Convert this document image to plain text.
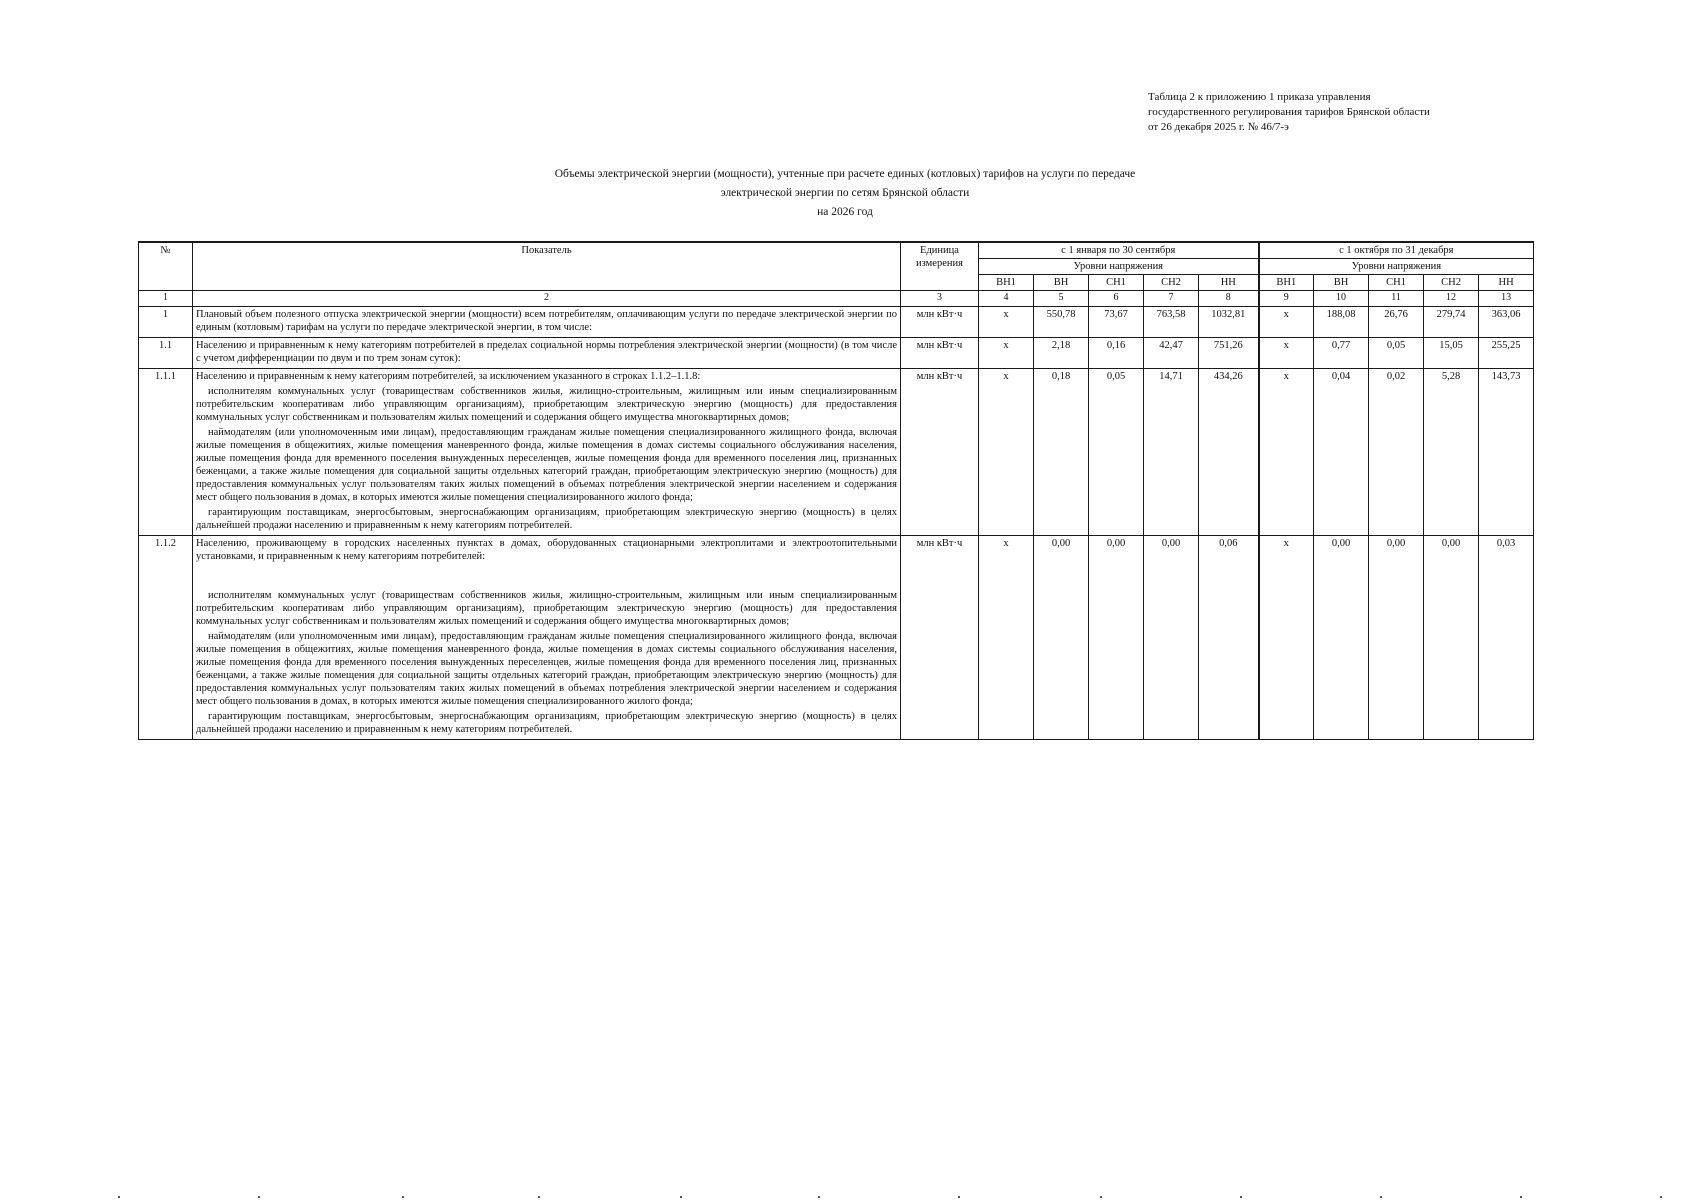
Таблица 2 к приложению 1 приказа управления
государственного регулирования тарифов Брянской области
от 26 декабря 2025 г. № 46/7-э
Объемы электрической энергии (мощности), учтенные при расчете единых (котловых) тарифов на услуги по передаче
электрической энергии по сетям Брянской области
на 2026 год
№	Показатель	Единица измерения	с 1 января по 30 сентября					с 1 октября по 31 декабря				
			Уровни напряжения					Уровни напряжения				
			ВН1	ВН	СН1	СН2	НН	ВН1	ВН	СН1	СН2	НН
1	2	3	4	5	6	7	8	9	10	11	12	13
1	Плановый объем полезного отпуска электрической энергии (мощности) всем потребителям, оплачивающим услуги по передаче электрической энергии по единым (котловым) тарифам на услуги по передаче электрической энергии, в том числе:	млн кВт·ч	x	550,78	73,67	763,58	1032,81	x	188,08	26,76	279,74	363,06
1.1	Населению и приравненным к нему категориям потребителей в пределах социальной нормы потребления электрической энергии (мощности) (в том числе с учетом дифференциации по двум и по трем зонам суток):	млн кВт·ч	x	2,18	0,16	42,47	751,26	x	0,77	0,05	15,05	255,25
1.1.1	Населению и приравненным к нему категориям потребителей, за исключением указанного в строках 1.1.2–1.1.8:

исполнителям коммунальных услуг (товариществам собственников жилья, жилищно-строительным, жилищным или иным специализированным потребительским кооперативам либо управляющим организациям), приобретающим электрическую энергию (мощность) для предоставления коммунальных услуг собственникам и пользователям жилых помещений и содержания общего имущества многоквартирных домов;

наймодателям (или уполномоченным ими лицам), предоставляющим гражданам жилые помещения специализированного жилищного фонда, включая жилые помещения в общежитиях, жилые помещения маневренного фонда, жилые помещения в домах системы социального обслуживания населения, жилые помещения фонда для временного поселения вынужденных переселенцев, жилые помещения фонда для временного поселения лиц, признанных беженцами, а также жилые помещения для социальной защиты отдельных категорий граждан, приобретающим электрическую энергию (мощность) для предоставления коммунальных услуг пользователям таких жилых помещений в объемах потребления электрической энергии населением и содержания мест общего пользования в домах, в которых имеются жилые помещения специализированного жилого фонда;

гарантирующим поставщикам, энергосбытовым, энергоснабжающим организациям, приобретающим электрическую энергию (мощность) в целях дальнейшей продажи населению и приравненным к нему категориям потребителей.	млн кВт·ч	x	0,18	0,05	14,71	434,26	x	0,04	0,02	5,28	143,73
1.1.2	Населению, проживающему в городских населенных пунктах в домах, оборудованных стационарными электроплитами и электроотопительными установками, и приравненным к нему категориям потребителей:

исполнителям коммунальных услуг (товариществам собственников жилья, жилищно-строительным, жилищным или иным специализированным потребительским кооперативам либо управляющим организациям), приобретающим электрическую энергию (мощность) для предоставления коммунальных услуг собственникам и пользователям жилых помещений и содержания общего имущества многоквартирных домов;

наймодателям (или уполномоченным ими лицам), предоставляющим гражданам жилые помещения специализированного жилищного фонда, включая жилые помещения в общежитиях, жилые помещения маневренного фонда, жилые помещения в домах системы социального обслуживания населения, жилые помещения фонда для временного поселения вынужденных переселенцев, жилые помещения фонда для временного поселения лиц, признанных беженцами, а также жилые помещения для социальной защиты отдельных категорий граждан, приобретающим электрическую энергию (мощность) для предоставления коммунальных услуг пользователям таких жилых помещений в объемах потребления электрической энергии населением и содержания мест общего пользования в домах, в которых имеются жилые помещения специализированного жилого фонда;

гарантирующим поставщикам, энергосбытовым, энергоснабжающим организациям, приобретающим электрическую энергию (мощность) в целях дальнейшей продажи населению и приравненным к нему категориям потребителей.	млн кВт·ч	x	0,00	0,00	0,00	0,06	x	0,00	0,00	0,00	0,03
